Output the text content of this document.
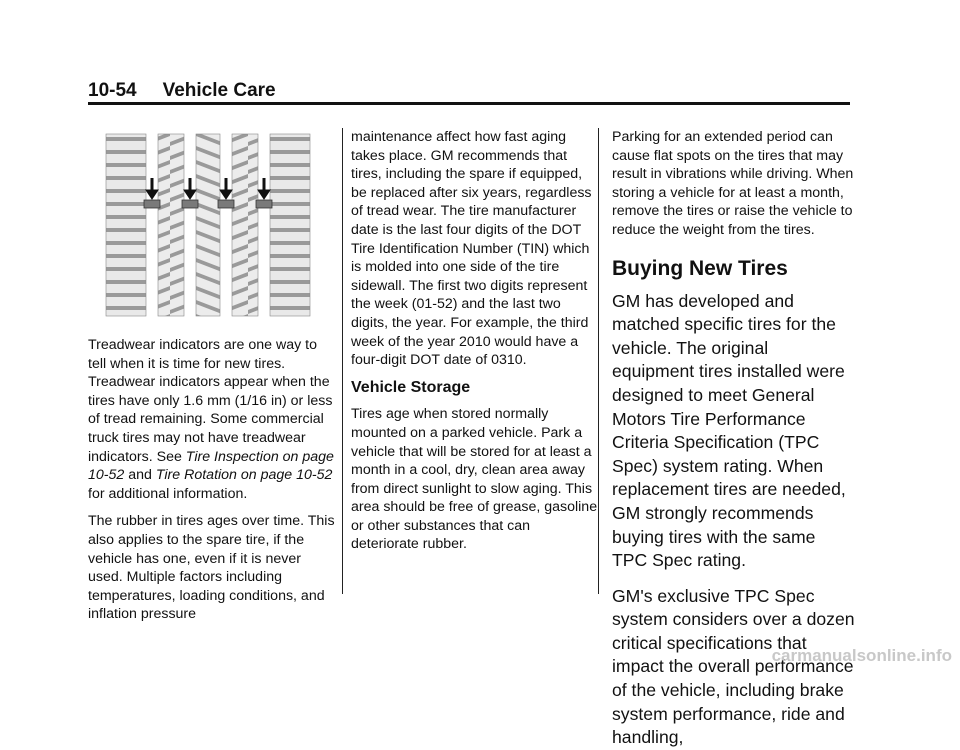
10-54 Vehicle Care

Treadwear indicators are one way to tell when it is time for new tires. Treadwear indicators appear when the tires have only 1.6 mm (1/16 in) or less of tread remaining. Some commercial truck tires may not have treadwear indicators. See Tire Inspection on page 10-52 and Tire Rotation on page 10-52 for additional information.

The rubber in tires ages over time. This also applies to the spare tire, if the vehicle has one, even if it is never used. Multiple factors including temperatures, loading conditions, and inflation pressure

maintenance affect how fast aging takes place. GM recommends that tires, including the spare if equipped, be replaced after six years, regardless of tread wear. The tire manufacturer date is the last four digits of the DOT Tire Identification Number (TIN) which is molded into one side of the tire sidewall. The first two digits represent the week (01-52) and the last two digits, the year. For example, the third week of the year 2010 would have a four-digit DOT date of 0310.

Vehicle Storage

Tires age when stored normally mounted on a parked vehicle. Park a vehicle that will be stored for at least a month in a cool, dry, clean area away from direct sunlight to slow aging. This area should be free of grease, gasoline or other substances that can deteriorate rubber.

Parking for an extended period can cause flat spots on the tires that may result in vibrations while driving. When storing a vehicle for at least a month, remove the tires or raise the vehicle to reduce the weight from the tires.

Buying New Tires

GM has developed and matched specific tires for the vehicle. The original equipment tires installed were designed to meet General Motors Tire Performance Criteria Specification (TPC Spec) system rating. When replacement tires are needed, GM strongly recommends buying tires with the same TPC Spec rating.

GM's exclusive TPC Spec system considers over a dozen critical specifications that impact the overall performance of the vehicle, including brake system performance, ride and handling,

carmanualsonline.info
